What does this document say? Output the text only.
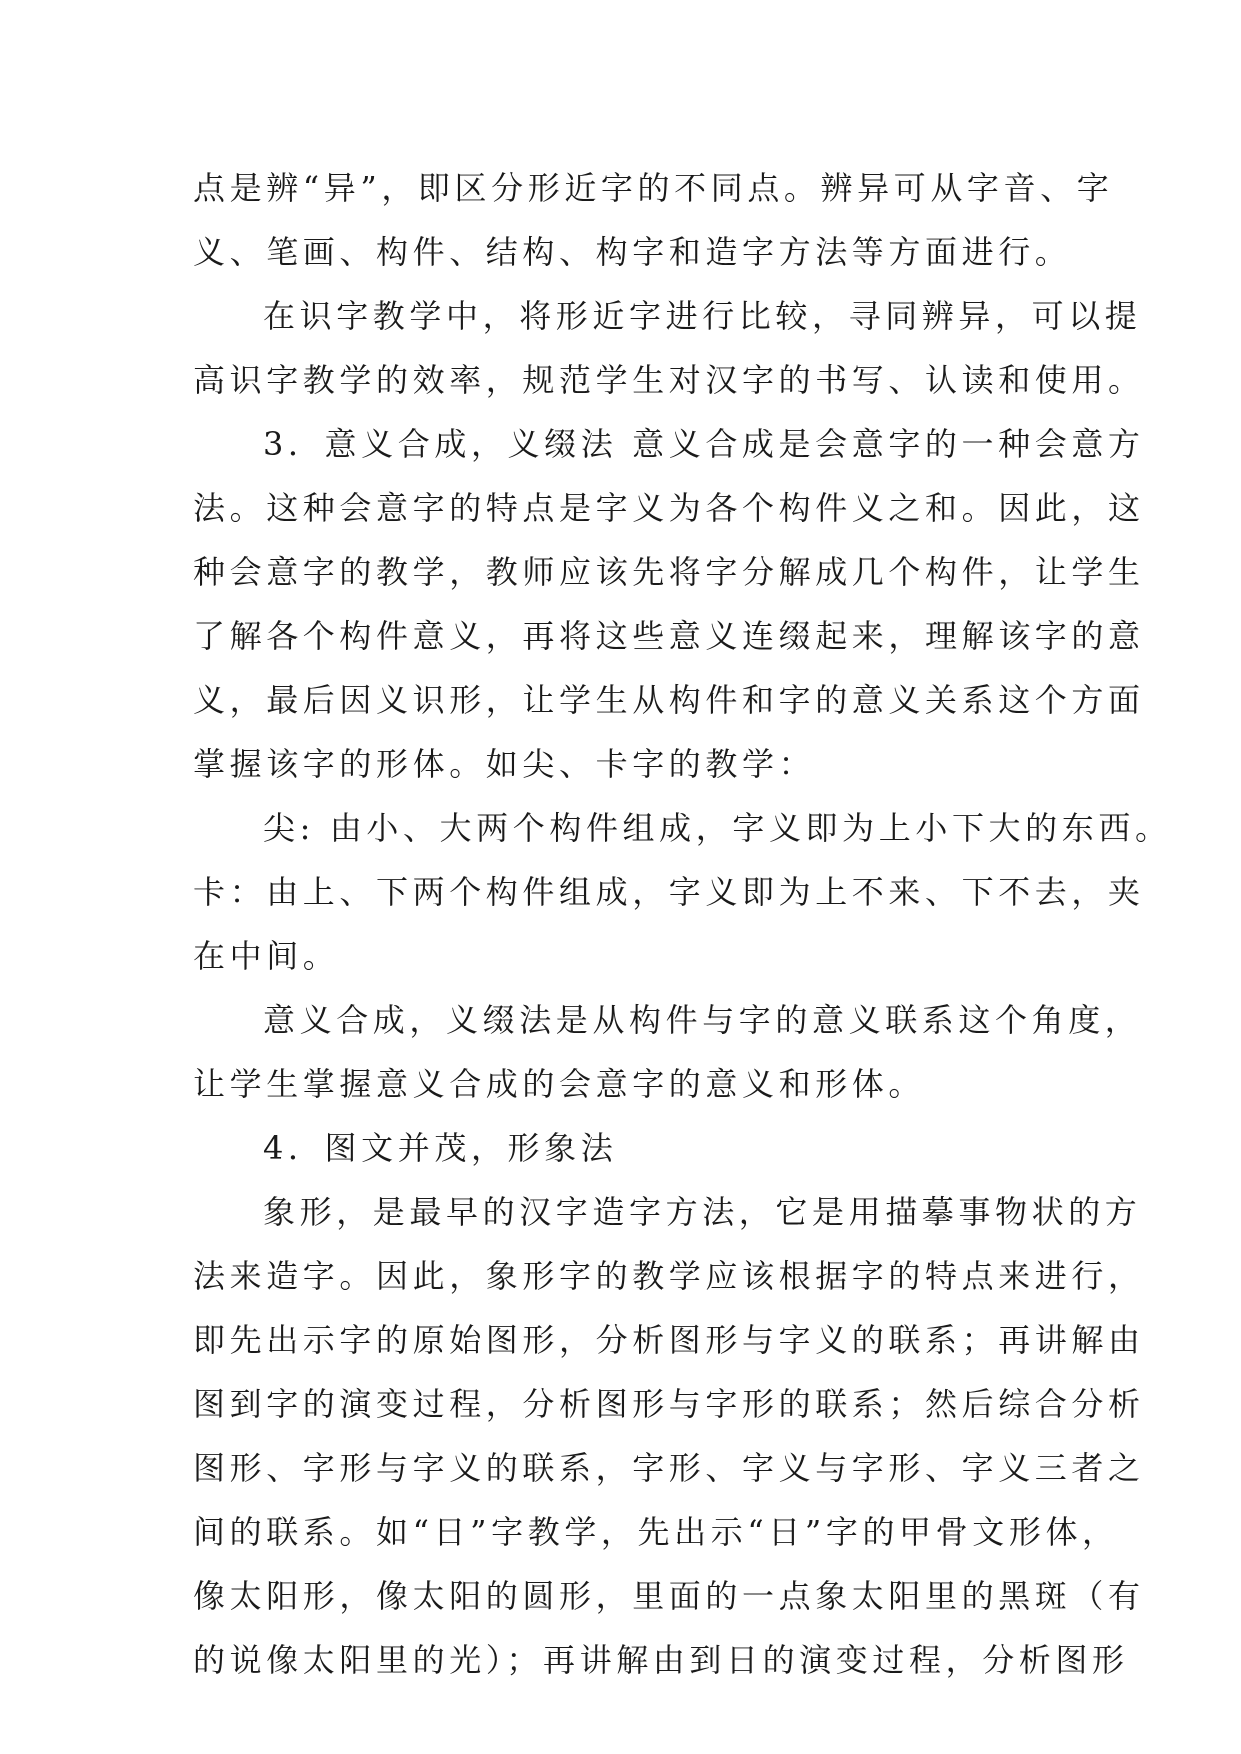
点是辨“异”，即区分形近字的不同点。辨异可从字音、字
义、笔画、构件、结构、构字和造字方法等方面进行。
在识字教学中，将形近字进行比较，寻同辨异，可以提
高识字教学的效率，规范学生对汉字的书写、认读和使用。
3．意义合成，义缀法 意义合成是会意字的一种会意方
法。这种会意字的特点是字义为各个构件义之和。因此，这
种会意字的教学，教师应该先将字分解成几个构件，让学生
了解各个构件意义，再将这些意义连缀起来，理解该字的意
义，最后因义识形，让学生从构件和字的意义关系这个方面
掌握该字的形体。如尖、卡字的教学：
尖: 由小、大两个构件组成，字义即为上小下大的东西。
卡：由上、下两个构件组成，字义即为上不来、下不去，夹
在中间。
意义合成，义缀法是从构件与字的意义联系这个角度，
让学生掌握意义合成的会意字的意义和形体。
4．图文并茂，形象法
象形，是最早的汉字造字方法，它是用描摹事物状的方
法来造字。因此，象形字的教学应该根据字的特点来进行，
即先出示字的原始图形，分析图形与字义的联系；再讲解由
图到字的演变过程，分析图形与字形的联系；然后综合分析
图形、字形与字义的联系，字形、字义与字形、字义三者之
间的联系。如“日”字教学，先出示“日”字的甲骨文形体，
像太阳形，像太阳的圆形，里面的一点象太阳里的黑斑（有
的说像太阳里的光）；再讲解由到日的演变过程，分析图形
